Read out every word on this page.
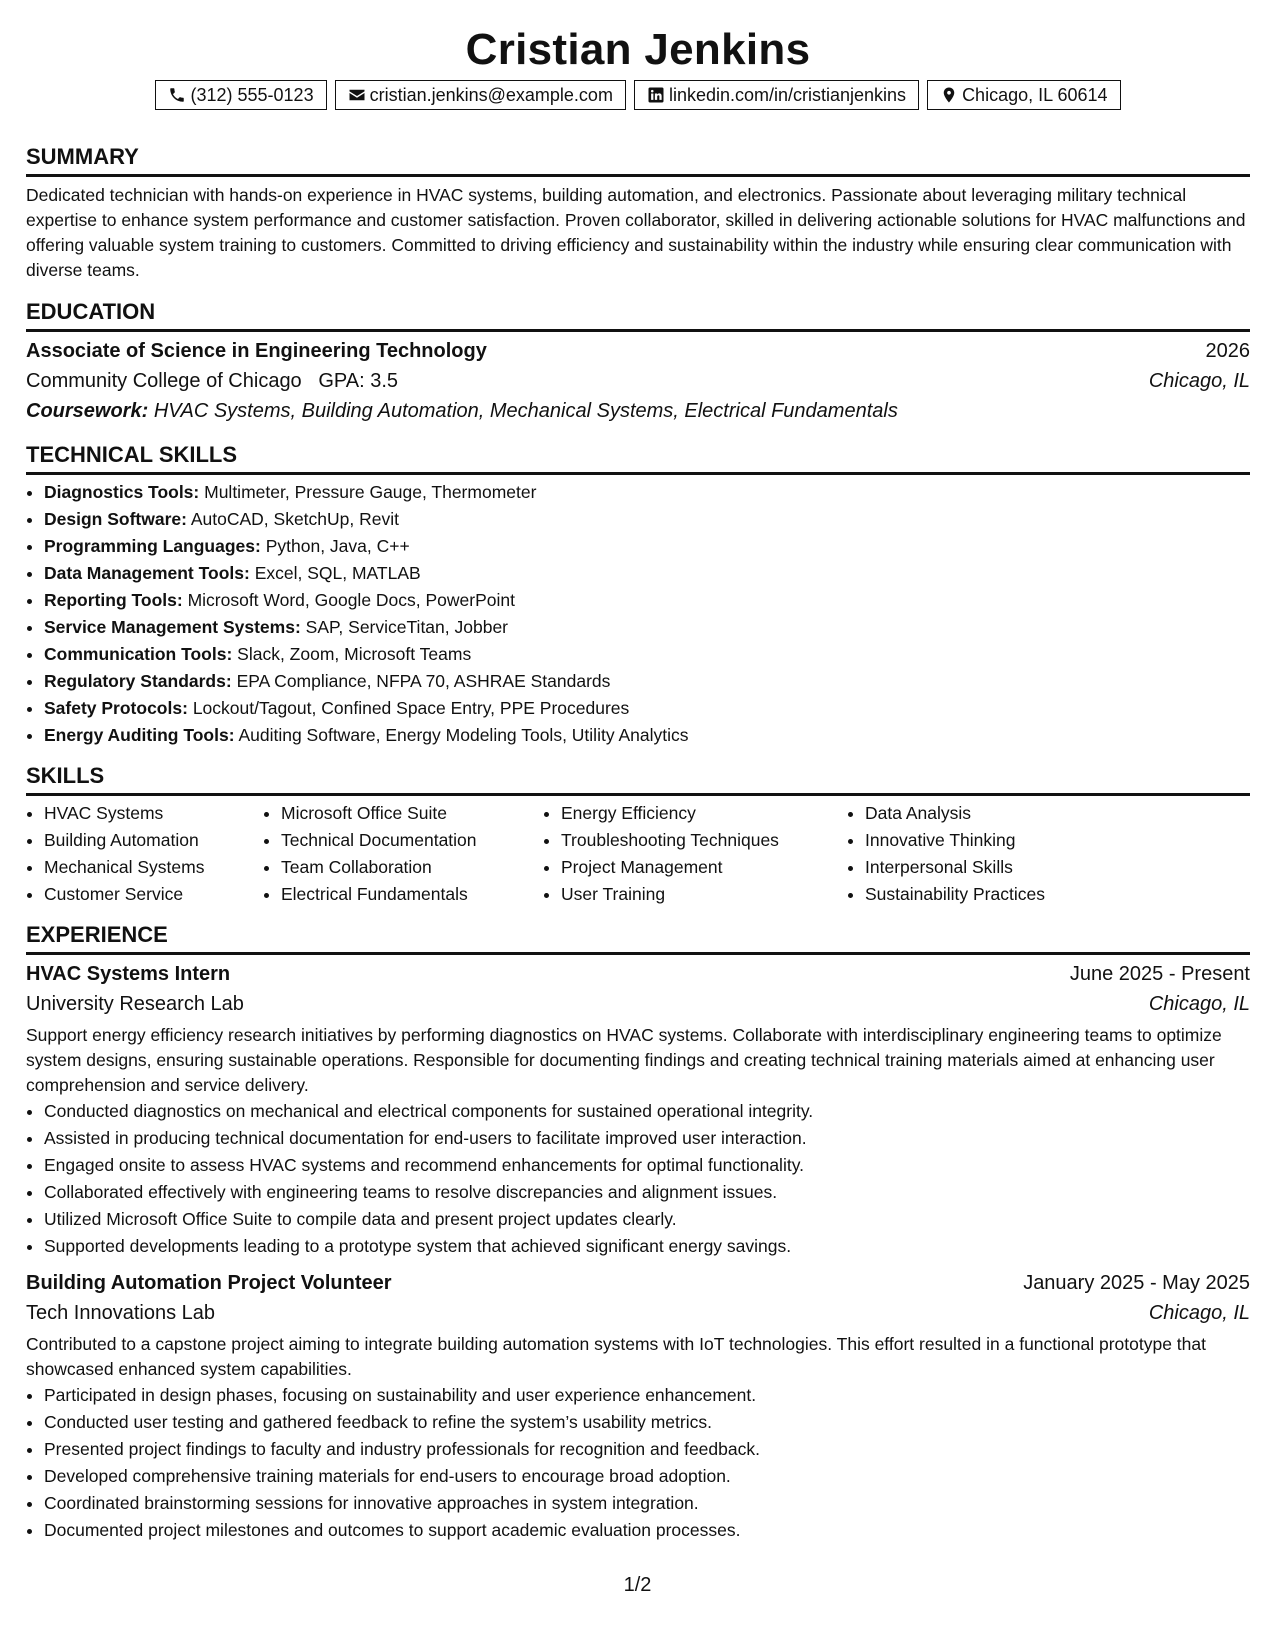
Cristian Jenkins
(312) 555-0123	cristian.jenkins@example.com	linkedin.com/in/cristianjenkins	Chicago, IL 60614
SUMMARY

Dedicated technician with hands-on experience in HVAC systems, building automation, and electronics. Passionate about leveraging military technical expertise to enhance system performance and customer satisfaction. Proven collaborator, skilled in delivering actionable solutions for HVAC malfunctions and offering valuable system training to customers. Committed to driving efficiency and sustainability within the industry while ensuring clear communication with diverse teams.

EDUCATION
Associate of Science in Engineering Technology	2026
Community College of Chicago GPA: 3.5	Chicago, IL
Coursework: HVAC Systems, Building Automation, Mechanical Systems, Electrical Fundamentals
TECHNICAL SKILLS
• Diagnostics Tools: Multimeter, Pressure Gauge, Thermometer
• Design Software: AutoCAD, SketchUp, Revit
• Programming Languages: Python, Java, C++
• Data Management Tools: Excel, SQL, MATLAB
• Reporting Tools: Microsoft Word, Google Docs, PowerPoint
• Service Management Systems: SAP, ServiceTitan, Jobber
• Communication Tools: Slack, Zoom, Microsoft Teams
• Regulatory Standards: EPA Compliance, NFPA 70, ASHRAE Standards
• Safety Protocols: Lockout/Tagout, Confined Space Entry, PPE Procedures
• Energy Auditing Tools: Auditing Software, Energy Modeling Tools, Utility Analytics
SKILLS
• HVAC Systems
• Building Automation
• Mechanical Systems
• Customer Service
• Microsoft Office Suite
• Technical Documentation
• Team Collaboration
• Electrical Fundamentals
• Energy Efficiency
• Troubleshooting Techniques
• Project Management
• User Training
• Data Analysis
• Innovative Thinking
• Interpersonal Skills
• Sustainability Practices
EXPERIENCE
HVAC Systems Intern	June 2025 - Present
University Research Lab	Chicago, IL

Support energy efficiency research initiatives by performing diagnostics on HVAC systems. Collaborate with interdisciplinary engineering teams to optimize system designs, ensuring sustainable operations. Responsible for documenting findings and creating technical training materials aimed at enhancing user comprehension and service delivery.

• Conducted diagnostics on mechanical and electrical components for sustained operational integrity.
• Assisted in producing technical documentation for end-users to facilitate improved user interaction.
• Engaged onsite to assess HVAC systems and recommend enhancements for optimal functionality.
• Collaborated effectively with engineering teams to resolve discrepancies and alignment issues.
• Utilized Microsoft Office Suite to compile data and present project updates clearly.
• Supported developments leading to a prototype system that achieved significant energy savings.
Building Automation Project Volunteer	January 2025 - May 2025
Tech Innovations Lab	Chicago, IL

Contributed to a capstone project aiming to integrate building automation systems with IoT technologies. This effort resulted in a functional prototype that showcased enhanced system capabilities.

• Participated in design phases, focusing on sustainability and user experience enhancement.
• Conducted user testing and gathered feedback to refine the system’s usability metrics.
• Presented project findings to faculty and industry professionals for recognition and feedback.
• Developed comprehensive training materials for end-users to encourage broad adoption.
• Coordinated brainstorming sessions for innovative approaches in system integration.
• Documented project milestones and outcomes to support academic evaluation processes.
1/2
